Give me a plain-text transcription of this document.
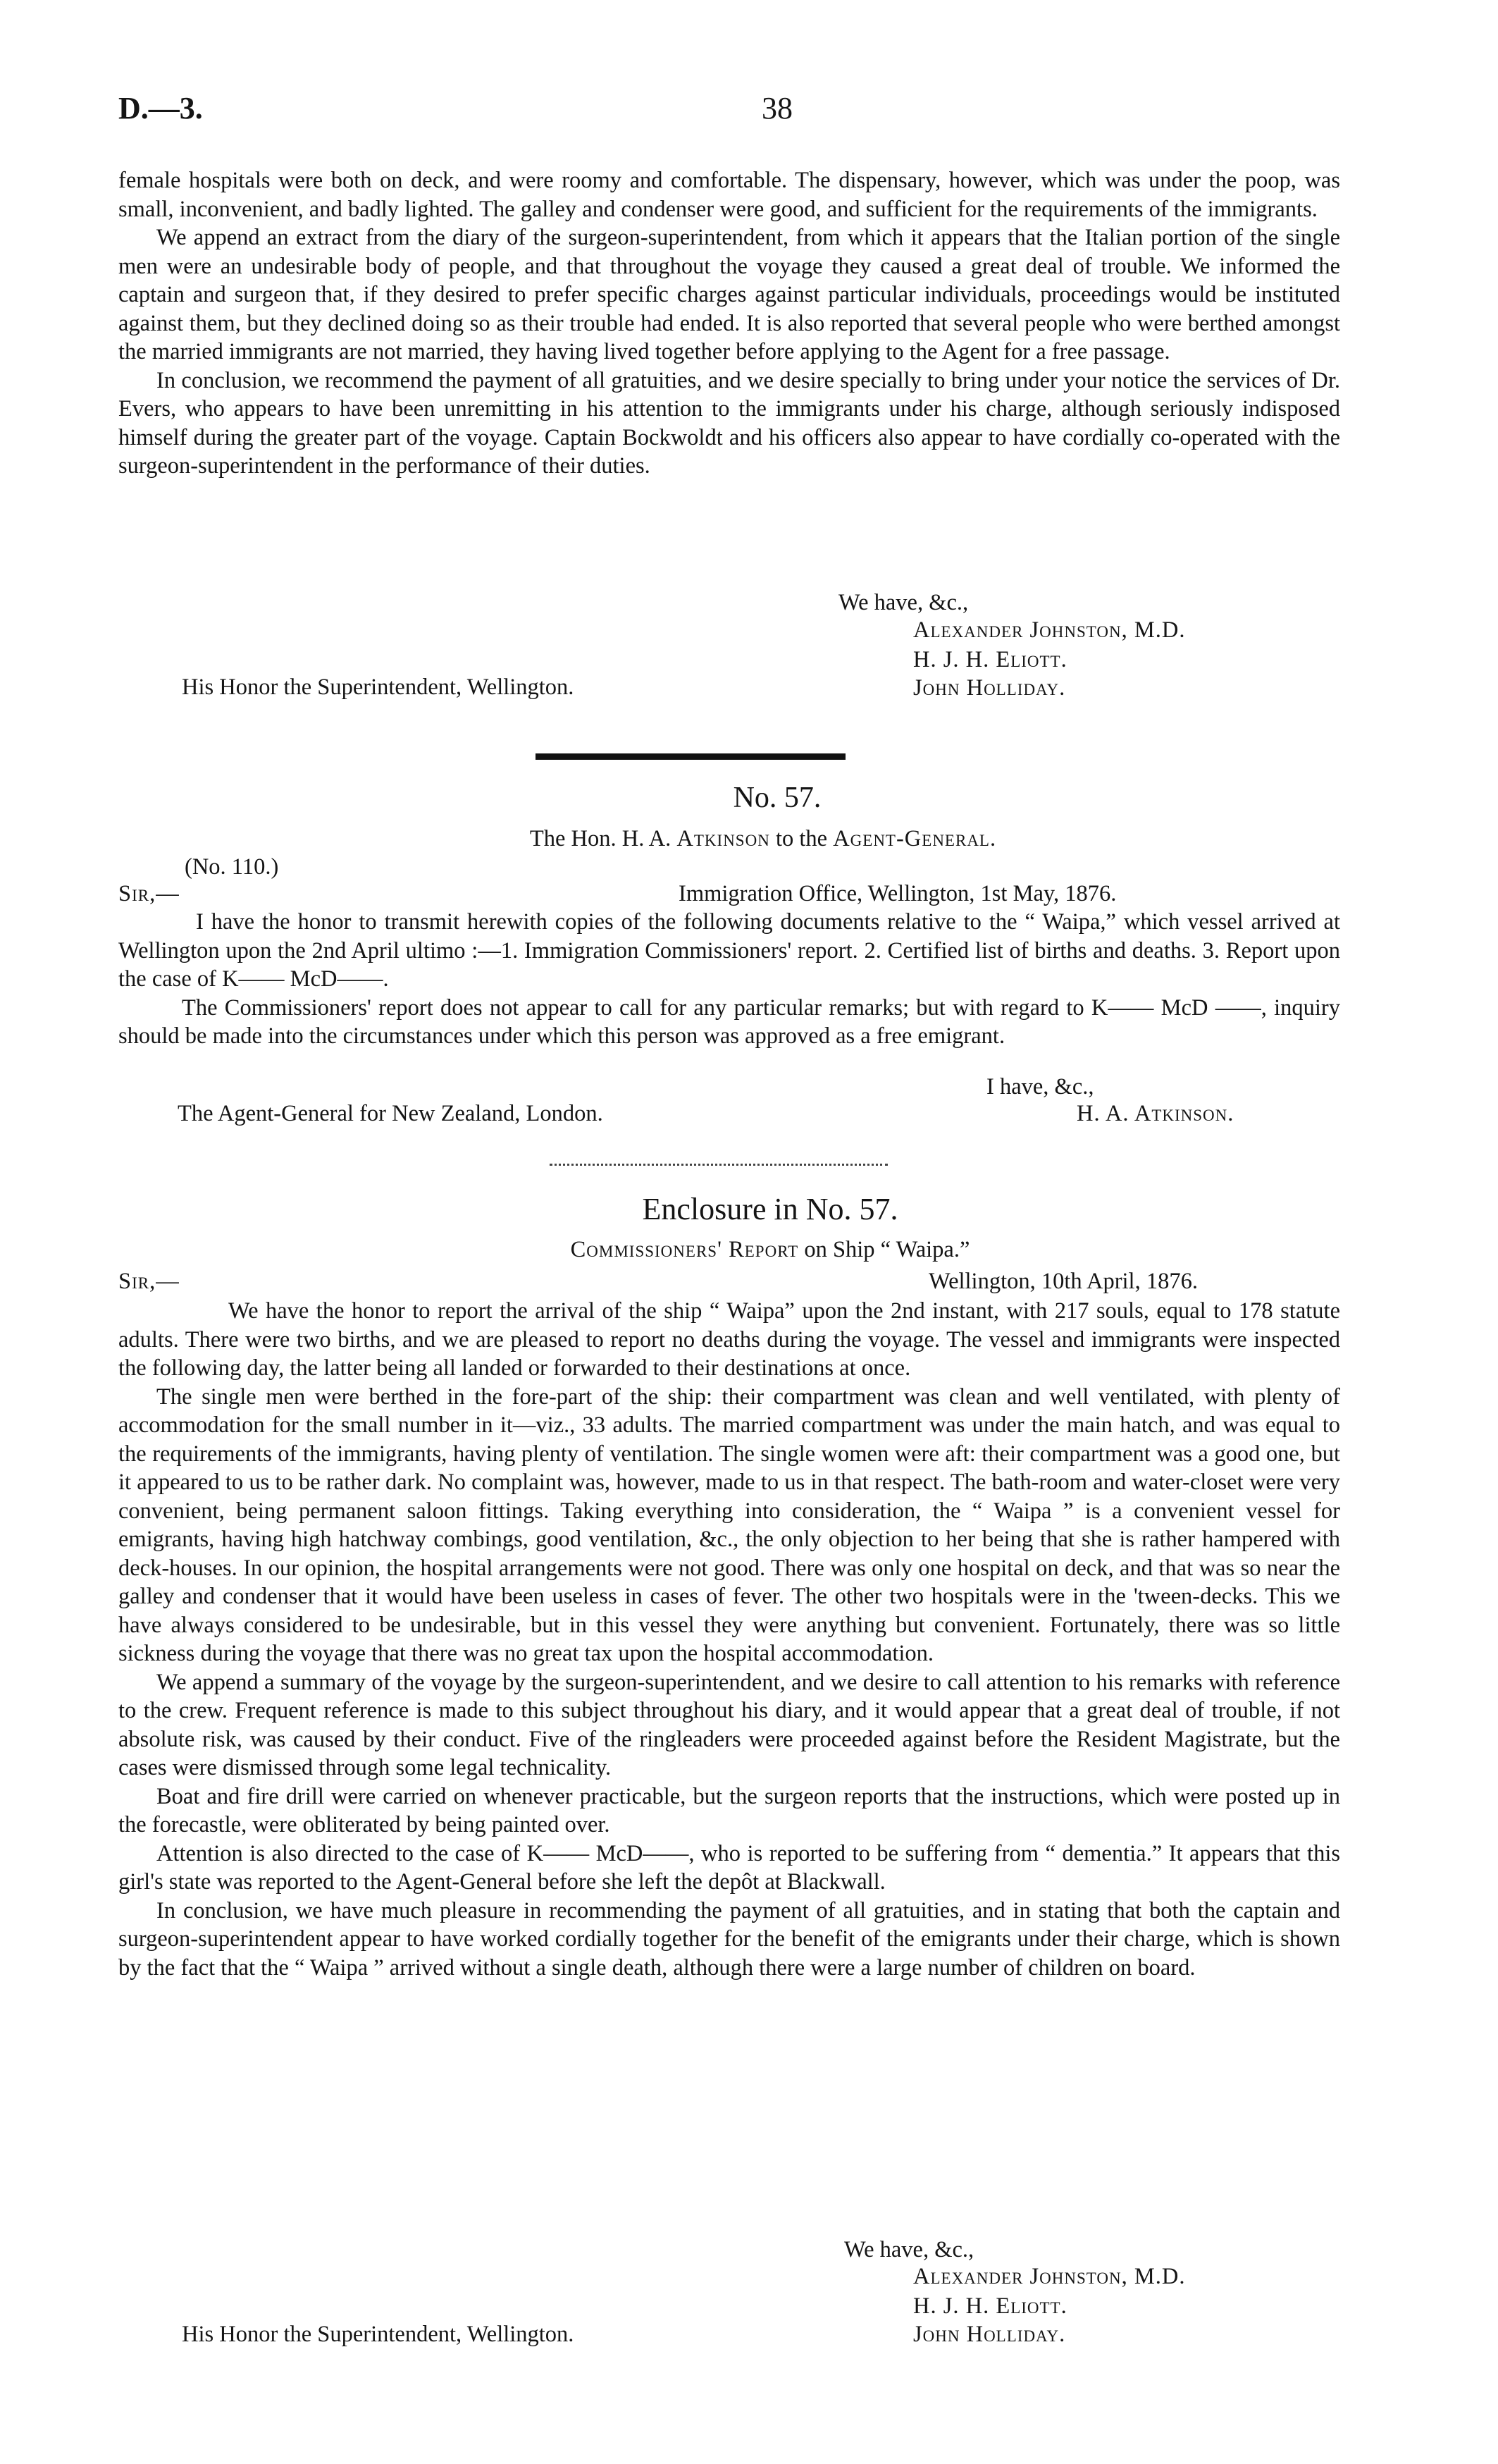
D.—3.	38

female hospitals were both on deck, and were roomy and comfortable. The dispensary, however, which was under the poop, was small, inconvenient, and badly lighted. The galley and condenser were good, and sufficient for the requirements of the immigrants.

We append an extract from the diary of the surgeon-superintendent, from which it appears that the Italian portion of the single men were an undesirable body of people, and that throughout the voyage they caused a great deal of trouble. We informed the captain and surgeon that, if they desired to prefer specific charges against particular individuals, proceedings would be instituted against them, but they declined doing so as their trouble had ended. It is also reported that several people who were berthed amongst the married immigrants are not married, they having lived together before applying to the Agent for a free passage.

In conclusion, we recommend the payment of all gratuities, and we desire specially to bring under your notice the services of Dr. Evers, who appears to have been unremitting in his attention to the immigrants under his charge, although seriously indisposed himself during the greater part of the voyage. Captain Bockwoldt and his officers also appear to have cordially co-operated with the surgeon-superintendent in the performance of their duties.

We have, &c.,
Alexander Johnston, M.D.
H. J. H. Eliott.
John Holliday.
His Honor the Superintendent, Wellington.
No. 57.
The Hon. H. A. Atkinson to the Agent-General.
(No. 110.)
Sir,—	Immigration Office, Wellington, 1st May, 1876.

I have the honor to transmit herewith copies of the following documents relative to the “ Waipa,” which vessel arrived at Wellington upon the 2nd April ultimo :—1. Immigration Commissioners' report. 2. Certified list of births and deaths. 3. Report upon the case of K—— McD——.

The Commissioners' report does not appear to call for any particular remarks; but with regard to K—— McD ——, inquiry should be made into the circumstances under which this person was approved as a free emigrant.

I have, &c.,
H. A. Atkinson.
The Agent-General for New Zealand, London.
Enclosure in No. 57.
Commissioners' Report on Ship “ Waipa.”
Sir,—	Wellington, 10th April, 1876.

We have the honor to report the arrival of the ship “ Waipa” upon the 2nd instant, with 217 souls, equal to 178 statute adults. There were two births, and we are pleased to report no deaths during the voyage. The vessel and immigrants were inspected the following day, the latter being all landed or forwarded to their destinations at once.

The single men were berthed in the fore-part of the ship: their compartment was clean and well ventilated, with plenty of accommodation for the small number in it—viz., 33 adults. The married compartment was under the main hatch, and was equal to the requirements of the immigrants, having plenty of ventilation. The single women were aft: their compartment was a good one, but it appeared to us to be rather dark. No complaint was, however, made to us in that respect. The bath-room and water-closet were very convenient, being permanent saloon fittings. Taking everything into consideration, the “ Waipa ” is a convenient vessel for emigrants, having high hatchway combings, good ventilation, &c., the only objection to her being that she is rather hampered with deck-houses. In our opinion, the hospital arrangements were not good. There was only one hospital on deck, and that was so near the galley and condenser that it would have been useless in cases of fever. The other two hospitals were in the 'tween-decks. This we have always considered to be undesirable, but in this vessel they were anything but convenient. Fortunately, there was so little sickness during the voyage that there was no great tax upon the hospital accommodation.

We append a summary of the voyage by the surgeon-superintendent, and we desire to call attention to his remarks with reference to the crew. Frequent reference is made to this subject throughout his diary, and it would appear that a great deal of trouble, if not absolute risk, was caused by their conduct. Five of the ringleaders were proceeded against before the Resident Magistrate, but the cases were dismissed through some legal technicality.

Boat and fire drill were carried on whenever practicable, but the surgeon reports that the instructions, which were posted up in the forecastle, were obliterated by being painted over.

Attention is also directed to the case of K—— McD——, who is reported to be suffering from “ dementia.” It appears that this girl's state was reported to the Agent-General before she left the depôt at Blackwall.

In conclusion, we have much pleasure in recommending the payment of all gratuities, and in stating that both the captain and surgeon-superintendent appear to have worked cordially together for the benefit of the emigrants under their charge, which is shown by the fact that the “ Waipa ” arrived without a single death, although there were a large number of children on board.

We have, &c.,
Alexander Johnston, M.D.
H. J. H. Eliott.
John Holliday.
His Honor the Superintendent, Wellington.
